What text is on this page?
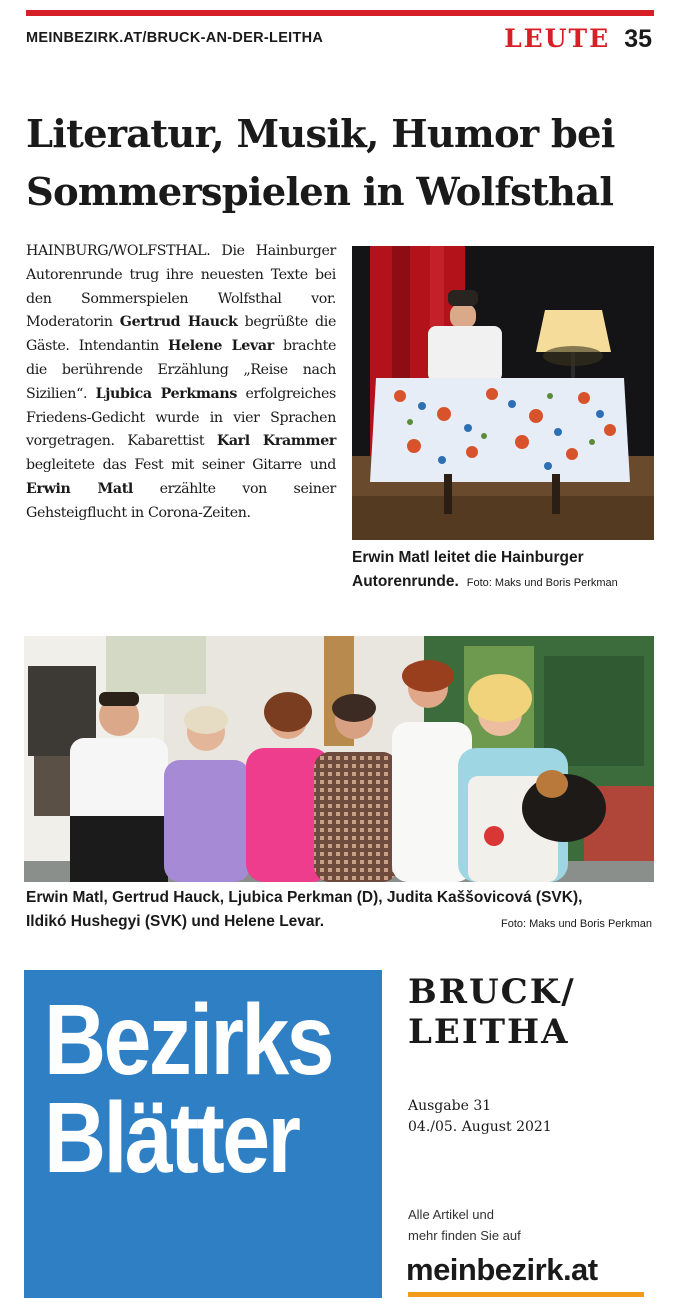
MEINBEZIRK.AT/BRUCK-AN-DER-LEITHA	LEUTE 35
Literatur, Musik, Humor bei
Sommerspielen in Wolfsthal

HAINBURG/WOLFSTHAL. Die Hainburger Autorenrunde trug ihre neuesten Texte bei den Sommerspielen Wolfsthal vor. Moderatorin Gertrud Hauck begrüßte die Gäste. Intendantin Helene Levar brachte die berührende Erzählung „Reise nach Sizilien“. Ljubica Perkmans erfolgreiches Friedens-Gedicht wurde in vier Sprachen vorgetragen. Kabarettist Karl Krammer begleitete das Fest mit seiner Gitarre und Erwin Matl erzählte von seiner Gehsteigflucht in Corona-Zeiten.

Erwin Matl leitet die Hainburger
Autorenrunde. Foto: Maks und Boris Perkman
Erwin Matl, Gertrud Hauck, Ljubica Perkman (D), Judita Kaššovicová (SVK),
Ildikó Hushegyi (SVK) und Helene Levar.	Foto: Maks und Boris Perkman
Bezirks
Blätter
BRUCK/
LEITHA
Ausgabe 31
04./05. August 2021
Alle Artikel und
mehr finden Sie auf
meinbezirk.at
